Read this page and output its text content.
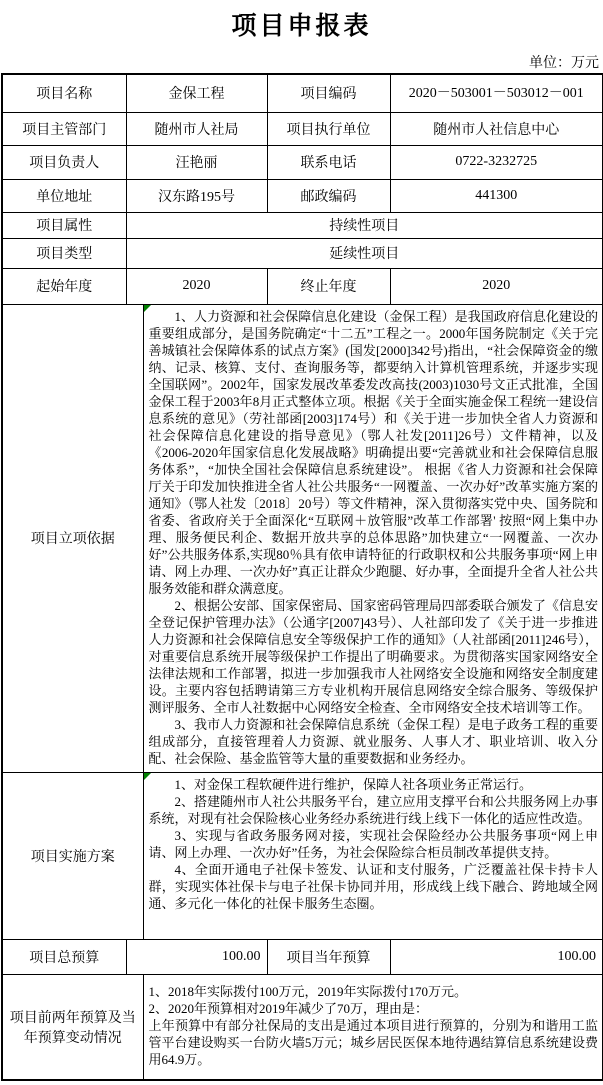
项目申报表
单位：万元
项目名称	金保工程		项目编码	2020－503001－503012－001
项目主管部门	随州市人社局		项目执行单位	随州市人社信息中心
项目负责人	汪艳丽		联系电话	0722-3232725
单位地址	汉东路195号		邮政编码	441300
项目属性	持续性项目			
项目类型	延续性项目			
起始年度	2020		终止年度	2020
项目立项依据		1、人力资源和社会保障信息化建设（金保工程）是我国政府信息化建设的重要组成部分，是国务院确定“十二五”工程之一。2000年国务院制定《关于完善城镇社会保障体系的试点方案》(国发[2000]342号)指出，“社会保障资金的缴纳、记录、核算、支付、查询服务等，都要纳入计算机管理系统，并逐步实现全国联网”。2002年，国家发展改革委发改高技(2003)1030号文正式批准，全国金保工程于2003年8月正式整体立项。根据《关于全面实施金保工程统一建设信息系统的意见》（劳社部函[2003]174号）和《关于进一步加快全省人力资源和社会保障信息化建设的指导意见》（鄂人社发[2011]26号）文件精神，以及《2006-2020年国家信息化发展战略》明确提出要“完善就业和社会保障信息服务体系”，“加快全国社会保障信息系统建设”。 根据《省人力资源和社会保障厅关于印发加快推进全省人社公共服务“一网覆盖、一次办好”改革实施方案的通知》（鄂人社发〔2018〕20号）等文件精神，深入贯彻落实党中央、国务院和省委、省政府关于全面深化“互联网＋放管服”改革工作部署' 按照“网上集中办理、服务便民利企、数据开放共享的总体思路”加快建立“一网覆盖、一次办好”公共服务体系,实现80％具有依申请特征的行政职权和公共服务事项“网上申请、网上办理、一次办好”真正让群众少跑腿、好办事，全面提升全省人社公共服务效能和群众满意度。

2、根据公安部、国家保密局、国家密码管理局四部委联合颁发了《信息安全登记保护管理办法》（公通字[2007]43号）、人社部印发了《关于进一步推进人力资源和社会保障信息安全等级保护工作的通知》（人社部函[2011]246号），对重要信息系统开展等级保护工作提出了明确要求。为贯彻落实国家网络安全法律法规和工作部署，拟进一步加强我市人社网络安全设施和网络安全制度建设。主要内容包括聘请第三方专业机构开展信息网络安全综合服务、等级保护测评服务、全市人社数据中心网络安全检查、全市网络安全技术培训等工作。

3、我市人力资源和社会保障信息系统（金保工程）是电子政务工程的重要组成部分，直接管理着人力资源、就业服务、人事人才、职业培训、收入分配、社会保险、基金监管等大量的重要数据和业务经办。		

项目实施方案		1、对金保工程软硬件进行维护，保障人社各项业务正常运行。

2、搭建随州市人社公共服务平台，建立应用支撑平台和公共服务网上办事系统，对现有社会保险核心业务经办系统进行线上线下一体化的适应性改造。

3、实现与省政务服务网对接，实现社会保险经办公共服务事项“网上申请、网上办理、一次办好”任务，为社会保险综合柜员制改革提供支持。

4、全面开通电子社保卡签发、认证和支付服务，广泛覆盖社保卡持卡人群，实现实体社保卡与电子社保卡协同并用，形成线上线下融合、跨地域全网通、多元化一体化的社保卡服务生态圈。		

项目总预算	100.00		项目当年预算	100.00
项目前两年预算及当年预算变动情况		1、2018年实际拨付100万元，2019年实际拨付170万元。

2、2020年预算相对2019年减少了70万，理由是：

上年预算中有部分社保局的支出是通过本项目进行预算的，分别为和谐用工监管平台建设购买一台防火墙5万元；城乡居民医保本地待遇结算信息系统建设费用64.9万。		
